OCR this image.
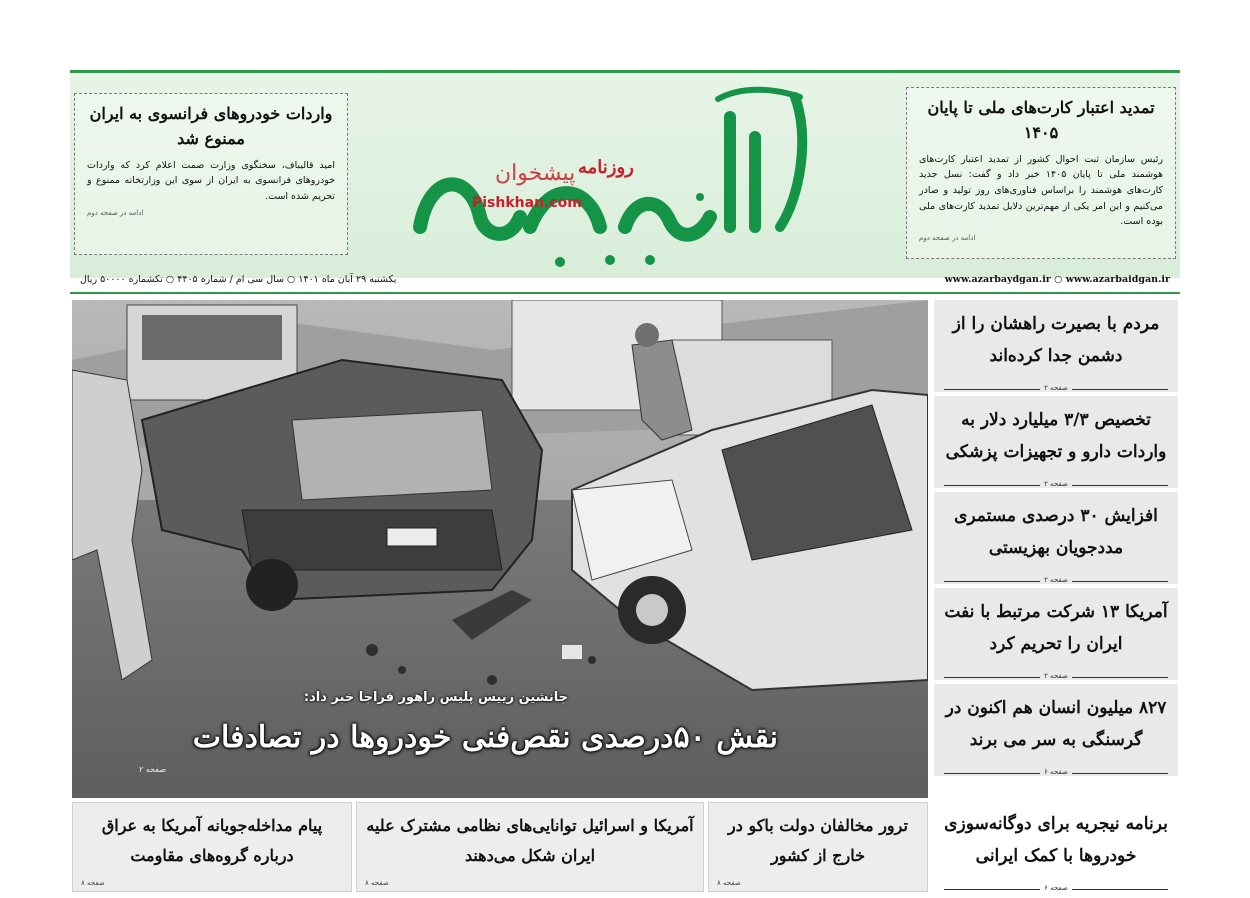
تمدید اعتبار کارت‌های ملی تا پایان ۱۴۰۵

رئیس سازمان ثبت احوال کشور از تمدید اعتبار کارت‌های هوشمند ملی تا پایان ۱۴۰۵ خبر داد و گفت: نسل جدید کارت‌های هوشمند را براساس فناوری‌های روز تولید و صادر می‌کنیم و این امر یکی از مهم‌ترین دلایل تمدید کارت‌های ملی بوده است.

ادامه در صفحه دوم
روزنامه
پیشخوان
Pishkhan.com
واردات خودروهای فرانسوی به ایران ممنوع شد

امید قالیباف، سخنگوی وزارت صمت اعلام کرد که واردات خودروهای فرانسوی به ایران از سوی این وزارتخانه ممنوع و تحریم شده است.

ادامه در صفحه دوم
www.azarbaydgan.ir ○ www.azarbaidgan.ir
یکشنبه ۲۹ آبان ماه ۱۴۰۱ ○ سال سی ام / شماره ۴۴۰۵ ○ تکشماره ۵۰۰۰۰ ریال
جانشین رییس پلیس راهور فراجا خبر داد:
نقش ۵۰درصدی نقص‌فنی خودروها در تصادفات
صفحه ۲
مردم با بصیرت راهشان را از دشمن جدا کرده‌اند
صفحه ۲
تخصیص ۳/۳ میلیارد دلار به واردات دارو و تجهیزات پزشکی
صفحه ۲
افزایش ۳۰ درصدی مستمری مددجویان بهزیستی
صفحه ۲
آمریکا ۱۳ شرکت مرتبط با نفت ایران را تحریم کرد
صفحه ۲
۸۲۷ میلیون انسان هم اکنون در گرسنگی به سر می برند
صفحه ۶
برنامه نیجریه برای دوگانه‌سوزی خودروها با کمک ایرانی
صفحه ۶
ترور مخالفان دولت باکو در خارج از کشور
صفحه ۸
آمریکا و اسرائیل توانایی‌های نظامی مشترک علیه ایران شکل می‌دهند
صفحه ۸
پیام مداخله‌جویانه آمریکا به عراق درباره گروه‌های مقاومت
صفحه ۸
